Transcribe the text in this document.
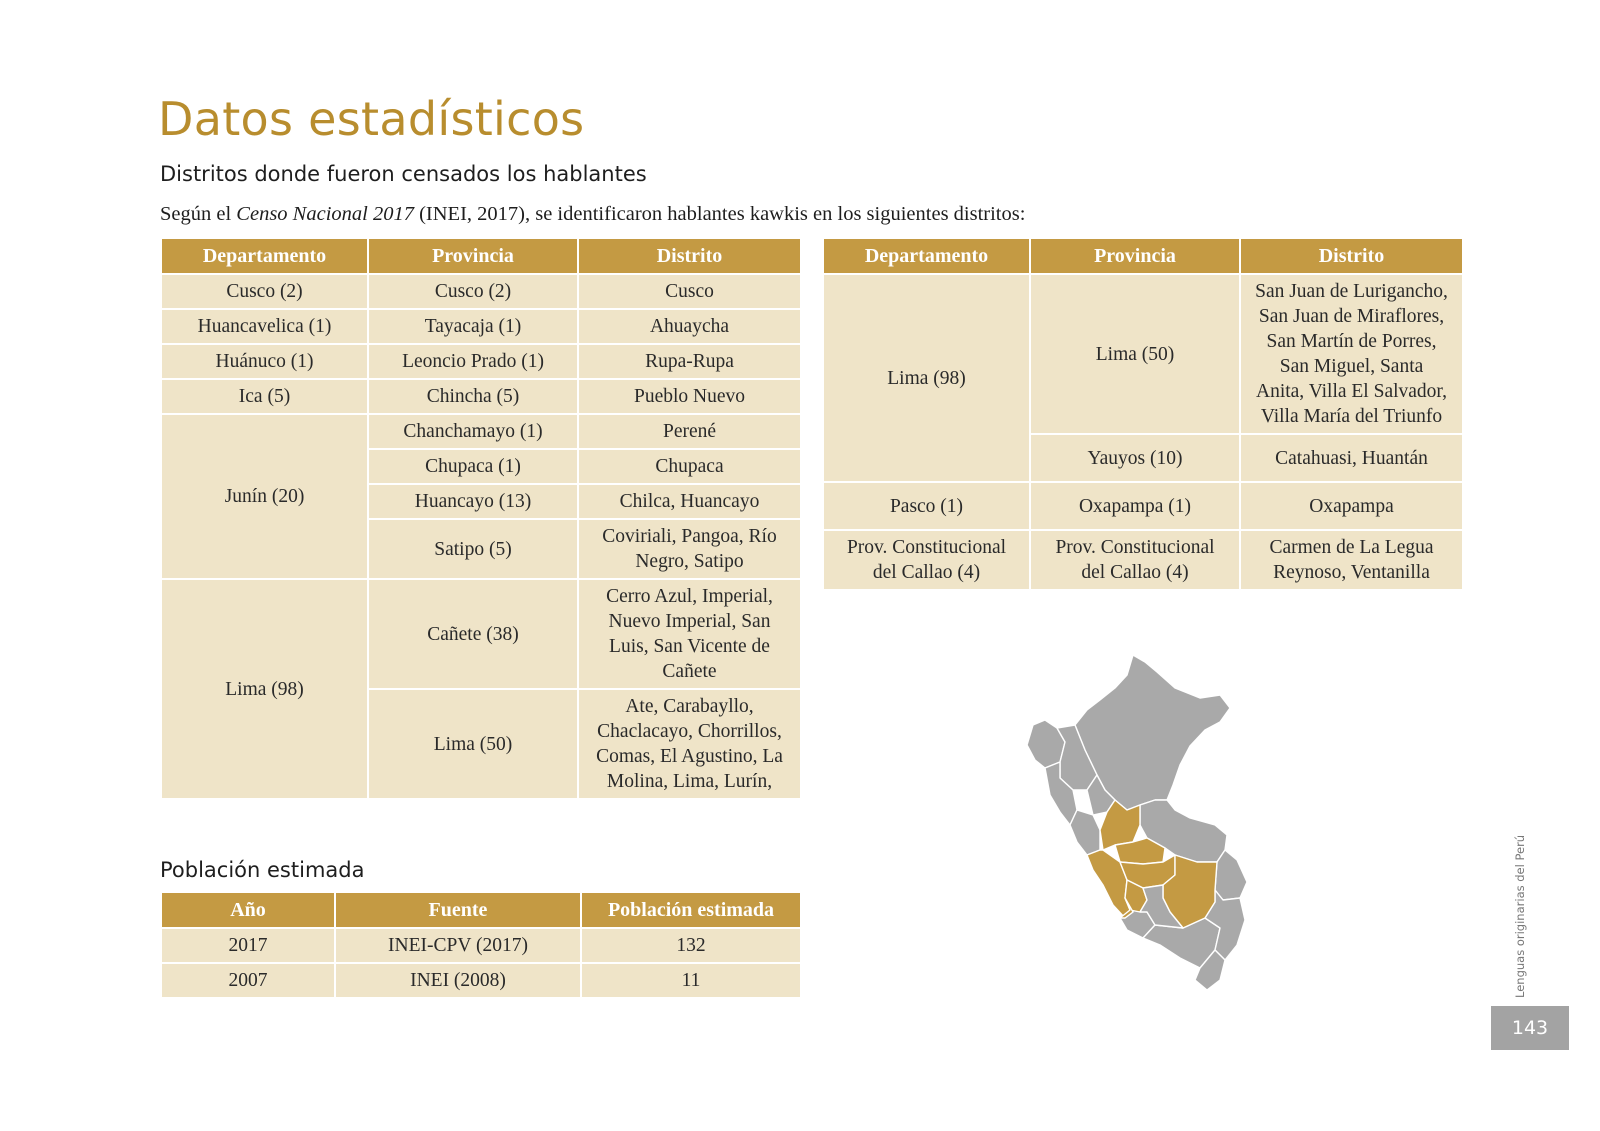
Datos estadísticos
Distritos donde fueron censados los hablantes

Según el Censo Nacional 2017 (INEI, 2017), se identificaron hablantes kawkis en los siguientes distritos:

Departamento	Provincia	Distrito
Cusco (2)	Cusco (2)	Cusco
Huancavelica (1)	Tayacaja (1)	Ahuaycha
Huánuco (1)	Leoncio Prado (1)	Rupa-Rupa
Ica (5)	Chincha (5)	Pueblo Nuevo
Junín (20)	Chanchamayo (1)	Perené
	Chupaca (1)	Chupaca
	Huancayo (13)	Chilca, Huancayo
	Satipo (5)	Coviriali, Pangoa, Río Negro, Satipo
Lima (98)	Cañete (38)	Cerro Azul, Imperial, Nuevo Imperial, San Luis, San Vicente de Cañete
	Lima (50)	Ate, Carabayllo, Chaclacayo, Chorrillos, Comas, El Agustino, La Molina, Lima, Lurín,
Departamento	Provincia	Distrito
Lima (98)	Lima (50)	San Juan de Lurigancho, San Juan de Miraflores, San Martín de Porres, San Miguel, Santa Anita, Villa El Salvador, Villa María del Triunfo
	Yauyos (10)	Catahuasi, Huantán
Pasco (1)	Oxapampa (1)	Oxapampa
Prov. Constitucional del Callao (4)	Prov. Constitucional del Callao (4)	Carmen de La Legua Reynoso, Ventanilla
Población estimada
Año	Fuente	Población estimada
2017	INEI-CPV (2017)	132
2007	INEI (2008)	11	Lenguas originarias del Perú
143
